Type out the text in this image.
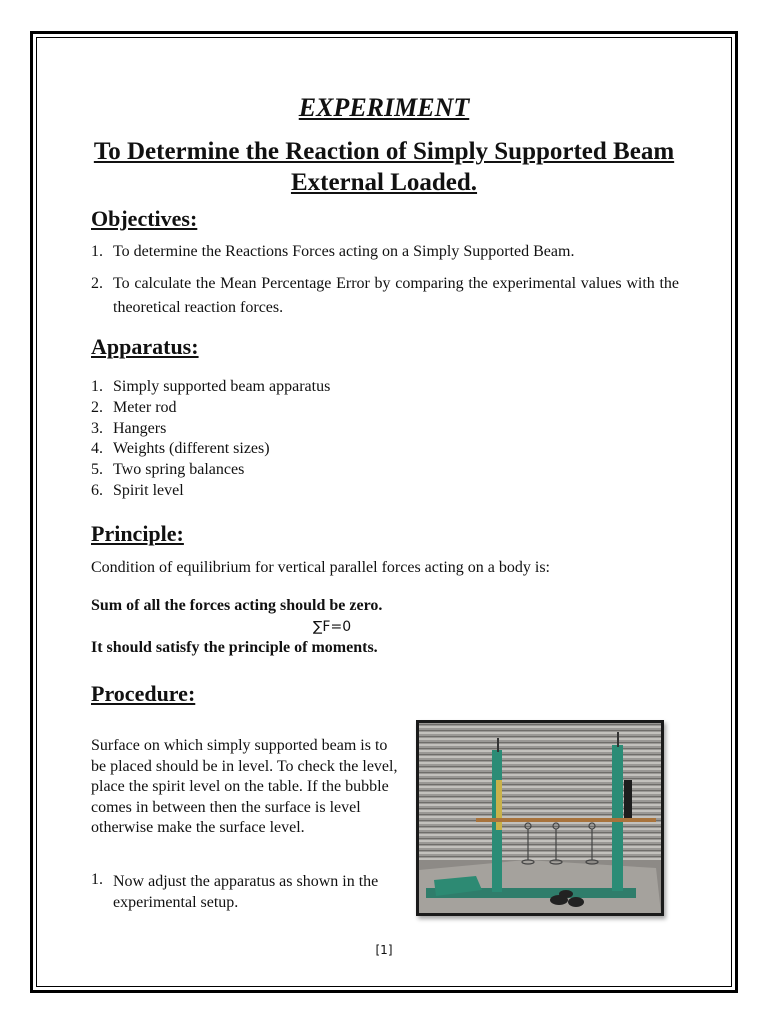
EXPERIMENT
To Determine the Reaction of Simply Supported Beam
External Loaded.
Objectives:
1. To determine the Reactions Forces acting on a Simply Supported Beam.
2. To calculate the Mean Percentage Error by comparing the experimental values with the theoretical reaction forces.
Apparatus:
1. Simply supported beam apparatus
2. Meter rod
3. Hangers
4. Weights (different sizes)
5. Two spring balances
6. Spirit level
Principle:
Condition of equilibrium for vertical parallel forces acting on a body is:
Sum of all the forces acting should be zero.
∑F=0
It should satisfy the principle of moments.
Procedure:
Surface on which simply supported beam is to be placed should be in level. To check the level, place the spirit level on the table. If the bubble comes in between then the surface is level otherwise make the surface level.
1. Now adjust the apparatus as shown in the experimental setup.
[1]
